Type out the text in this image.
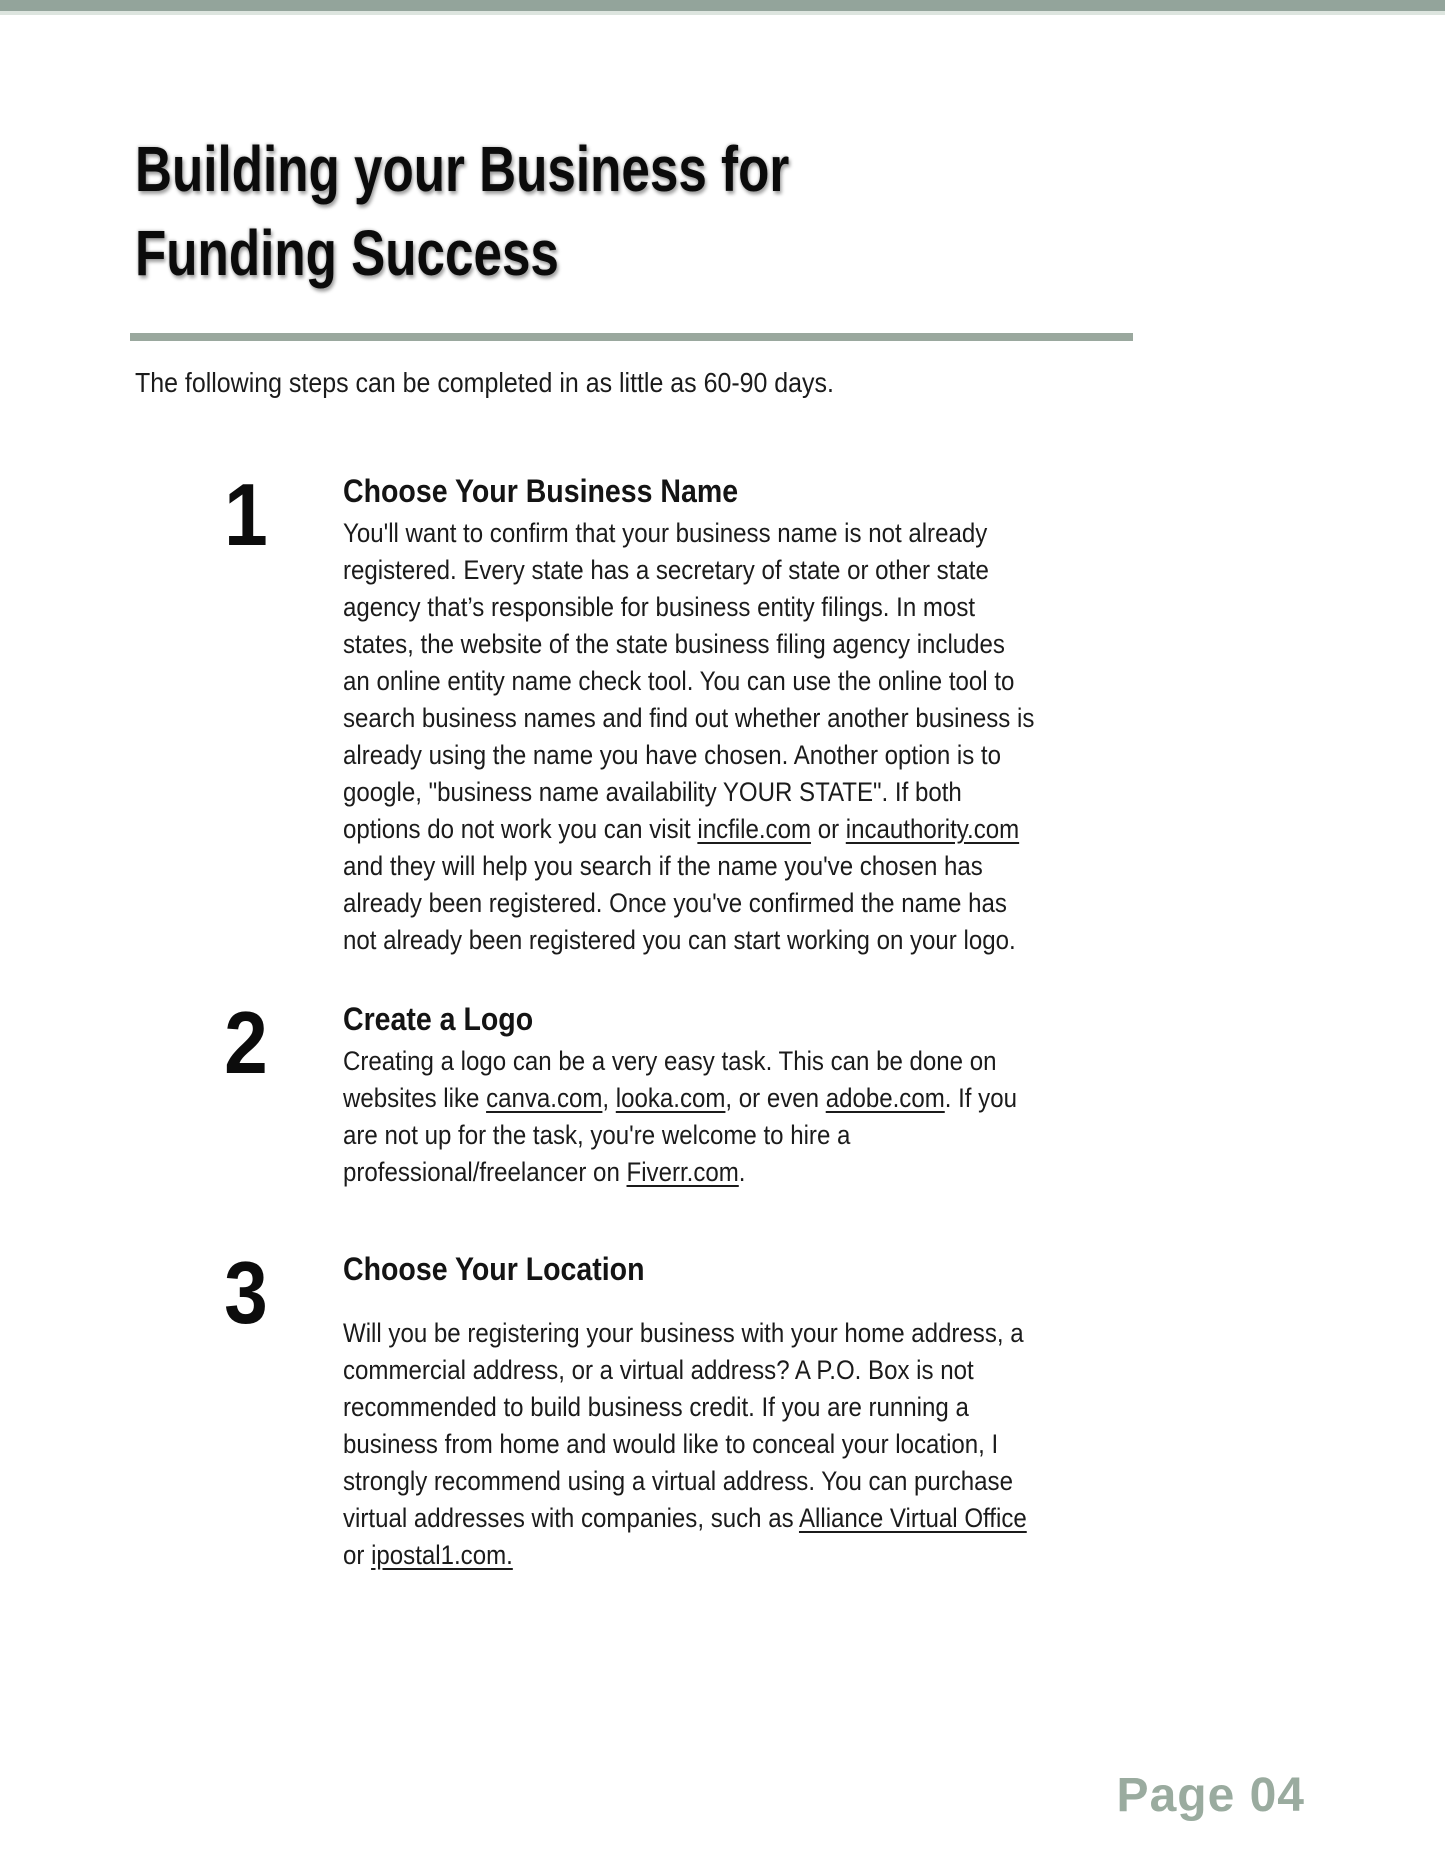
Building your Business for
Funding Success

The following steps can be completed in as little as 60-90 days.

1	Choose Your Business Name

You'll want to confirm that your business name is not already registered. Every state has a secretary of state or other state agency that’s responsible for business entity filings. In most states, the website of the state business filing agency includes an online entity name check tool. You can use the online tool to search business names and find out whether another business is already using the name you have chosen. Another option is to google, "business name availability YOUR STATE". If both options do not work you can visit incfile.com or incauthority.com and they will help you search if the name you've chosen has already been registered. Once you've confirmed the name has not already been registered you can start working on your logo.

2	Create a Logo

Creating a logo can be a very easy task. This can be done on websites like canva.com, looka.com, or even adobe.com. If you are not up for the task, you're welcome to hire a professional/freelancer on Fiverr.com.

3	Choose Your Location

Will you be registering your business with your home address, a commercial address, or a virtual address? A P.O. Box is not recommended to build business credit. If you are running a business from home and would like to conceal your location, I strongly recommend using a virtual address. You can purchase virtual addresses with companies, such as Alliance Virtual Office or ipostal1.com.

Page 04
